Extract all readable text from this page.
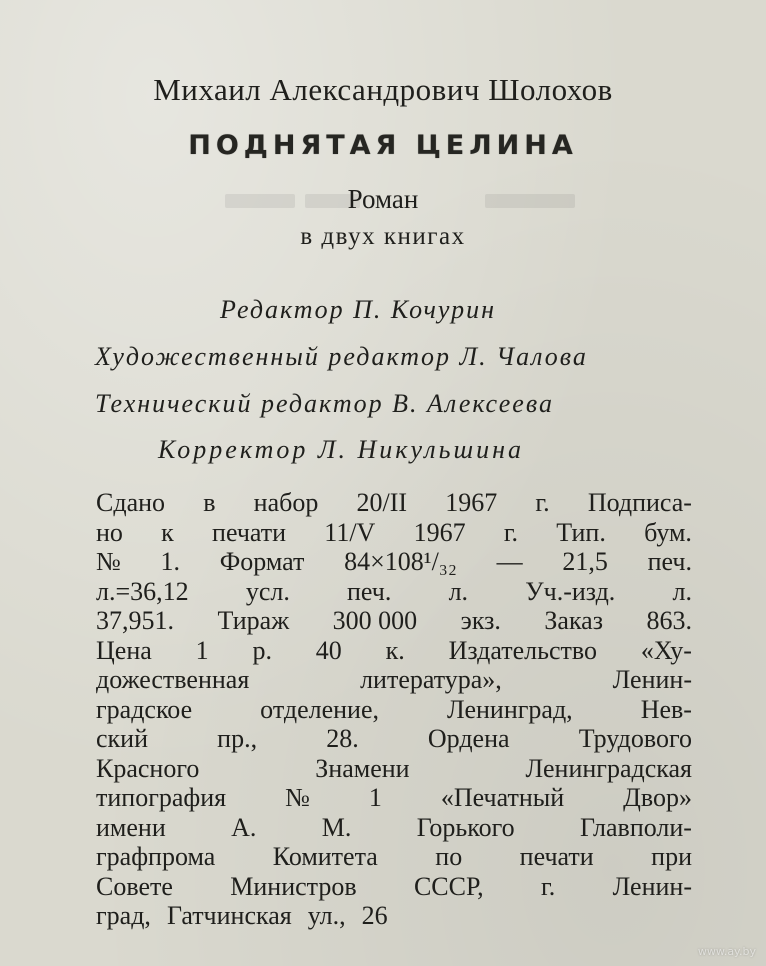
Михаил Александрович Шолохов
ПОДНЯТАЯ ЦЕЛИНА
Роман
в двух книгах
Редактор П. Кочурин
Художественный редактор Л. Чалова
Технический редактор В. Алексеева
Корректор Л. Никульшина
Сдано в набор 20/II 1967 г. Подписа-
но к печати 11/V 1967 г. Тип. бум.
№ 1. Формат 84×108¹/₃₂ — 21,5 печ.
л.=36,12 усл. печ. л. Уч.-изд. л.
37,951. Тираж 300 000 экз. Заказ 863.
Цена 1 р. 40 к. Издательство «Ху-
дожественная	литература»,	Ленин-
градское	отделение,	Ленинград,	Нев-
ский	пр.,	28.	Ордена	Трудового
Красного	Знамени	Ленинградская
типография № 1 «Печатный Двор»
имени	А.	М.	Горького	Главполи-
графпрома Комитета по печати при
Совете Министров СССР, г. Ленин-
град, Гатчинская ул., 26
www.ay.by
